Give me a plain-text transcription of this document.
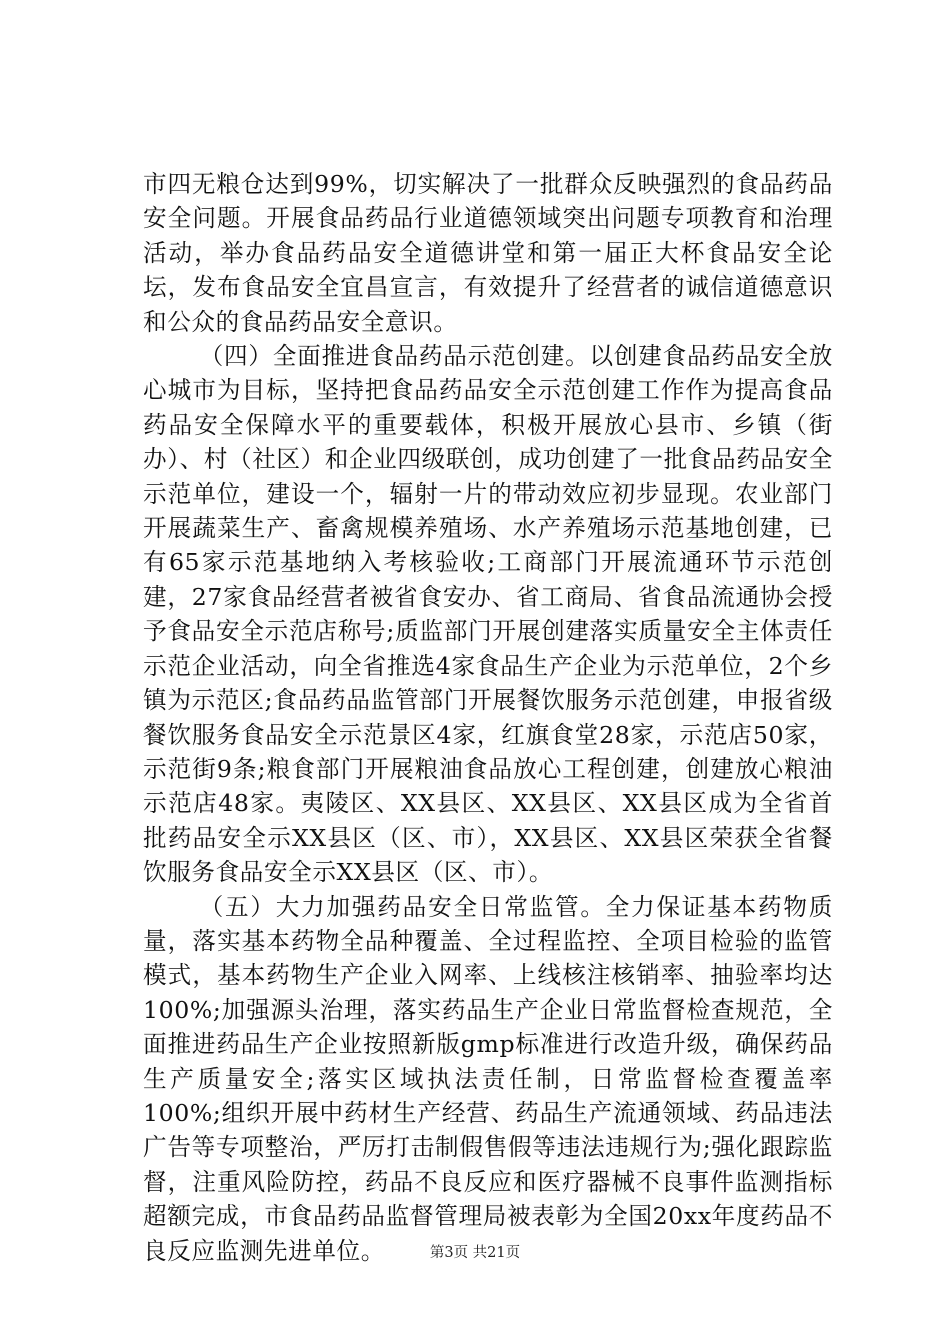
市四无粮仓达到99%，切实解决了一批群众反映强烈的食品药品安全问题。开展食品药品行业道德领域突出问题专项教育和治理活动，举办食品药品安全道德讲堂和第一届正大杯食品安全论坛，发布食品安全宜昌宣言，有效提升了经营者的诚信道德意识和公众的食品药品安全意识。

（四）全面推进食品药品示范创建。以创建食品药品安全放心城市为目标，坚持把食品药品安全示范创建工作作为提高食品药品安全保障水平的重要载体，积极开展放心县市、乡镇（街办）、村（社区）和企业四级联创，成功创建了一批食品药品安全示范单位，建设一个，辐射一片的带动效应初步显现。农业部门开展蔬菜生产、畜禽规模养殖场、水产养殖场示范基地创建，已有65家示范基地纳入考核验收;工商部门开展流通环节示范创建，27家食品经营者被省食安办、省工商局、省食品流通协会授予食品安全示范店称号;质监部门开展创建落实质量安全主体责任示范企业活动，向全省推选4家食品生产企业为示范单位，2个乡镇为示范区;食品药品监管部门开展餐饮服务示范创建，申报省级餐饮服务食品安全示范景区4家，红旗食堂28家，示范店50家，示范街9条;粮食部门开展粮油食品放心工程创建，创建放心粮油示范店48家。夷陵区、XX县区、XX县区、XX县区成为全省首批药品安全示XX县区（区、市），XX县区、XX县区荣获全省餐饮服务食品安全示XX县区（区、市）。

（五）大力加强药品安全日常监管。全力保证基本药物质量，落实基本药物全品种覆盖、全过程监控、全项目检验的监管模式，基本药物生产企业入网率、上线核注核销率、抽验率均达100%;加强源头治理，落实药品生产企业日常监督检查规范，全面推进药品生产企业按照新版gmp标准进行改造升级，确保药品生产质量安全;落实区域执法责任制，日常监督检查覆盖率100%;组织开展中药材生产经营、药品生产流通领域、药品违法广告等专项整治，严厉打击制假售假等违法违规行为;强化跟踪监督，注重风险防控，药品不良反应和医疗器械不良事件监测指标超额完成，市食品药品监督管理局被表彰为全国20xx年度药品不良反应监测先进单位。	第3页 共21页
